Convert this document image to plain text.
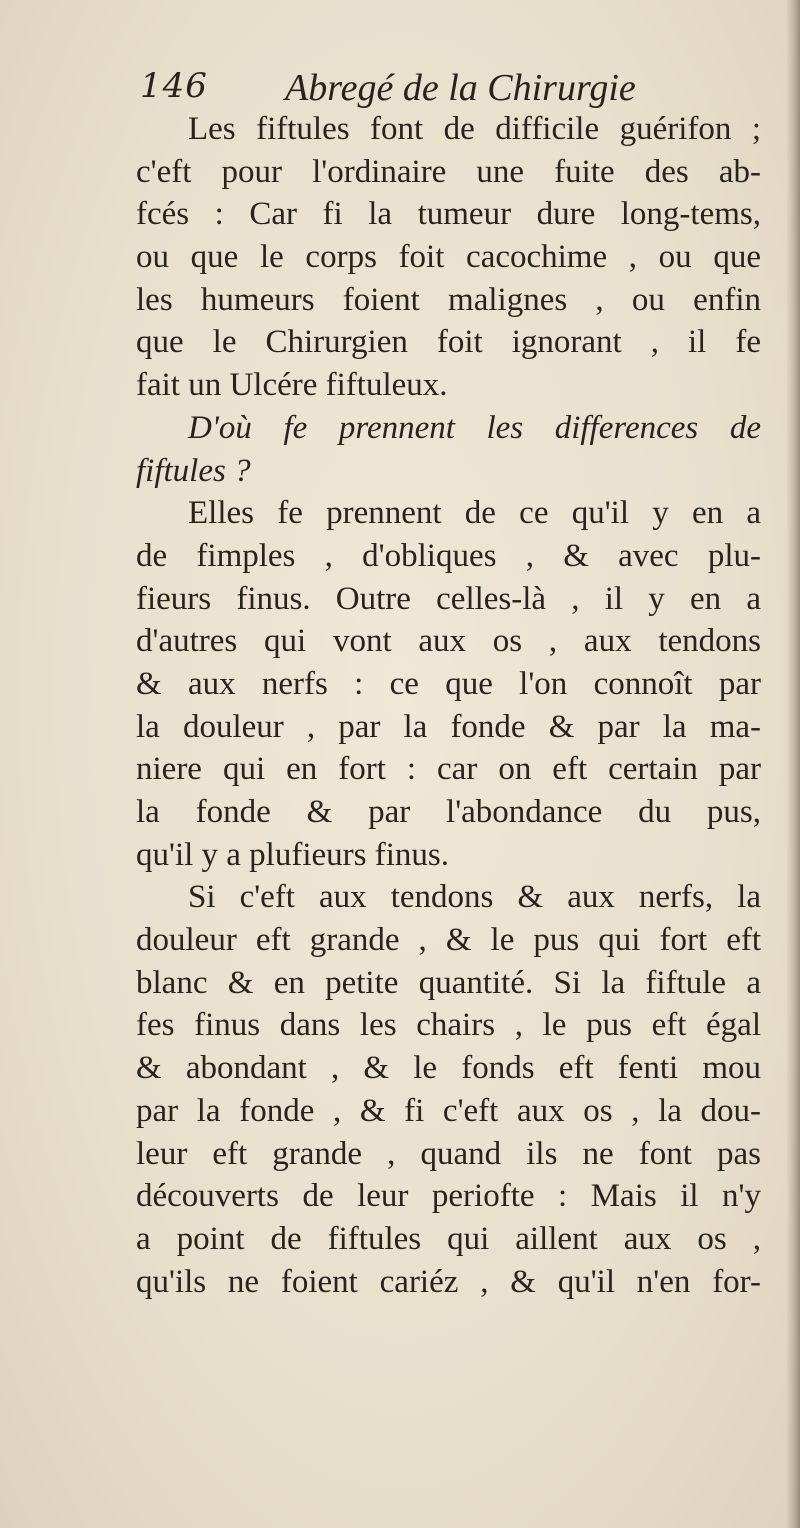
146 Abregé de la Chirurgie
Les fiftules font de difficile guérifon ;
c'eft pour l'ordinaire une fuite des ab-
fcés : Car fi la tumeur dure long-tems,
ou que le corps foit cacochime , ou que
les humeurs foient malignes , ou enfin
que le Chirurgien foit ignorant , il fe
fait un Ulcére fiftuleux.
D'où fe prennent les differences de
fiftules ?
Elles fe prennent de ce qu'il y en a
de fimples , d'obliques , & avec plu-
fieurs finus. Outre celles-là , il y en a
d'autres qui vont aux os , aux tendons
& aux nerfs : ce que l'on connoît par
la douleur , par la fonde & par la ma-
niere qui en fort : car on eft certain par
la fonde & par l'abondance du pus,
qu'il y a plufieurs finus.
Si c'eft aux tendons & aux nerfs, la
douleur eft grande , & le pus qui fort eft
blanc & en petite quantité. Si la fiftule a
fes finus dans les chairs , le pus eft égal
& abondant , & le fonds eft fenti mou
par la fonde , & fi c'eft aux os , la dou-
leur eft grande , quand ils ne font pas
découverts de leur periofte : Mais il n'y
a point de fiftules qui aillent aux os ,
qu'ils ne foient cariéz , & qu'il n'en for-
